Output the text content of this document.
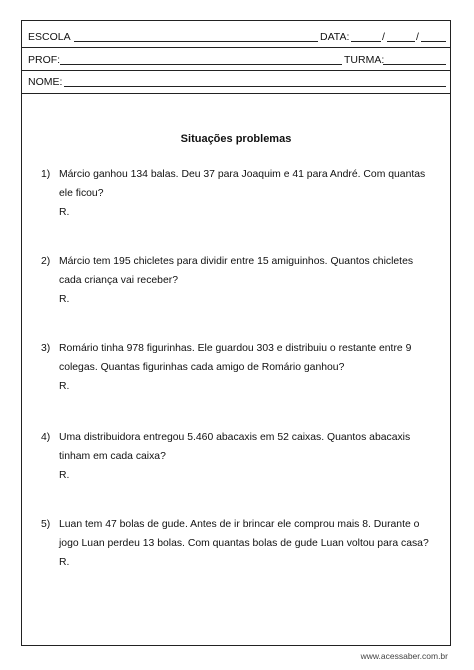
ESCOLA	DATA:	/	/
PROF:	TURMA:
NOME:
Situações problemas
1) Márcio ganhou 134 balas. Deu 37 para Joaquim e 41 para André. Com quantas
ele ficou?
R.
2) Márcio tem 195 chicletes para dividir entre 15 amiguinhos. Quantos chicletes
cada criança vai receber?
R.
3) Romário tinha 978 figurinhas. Ele guardou 303 e distribuiu o restante entre 9
colegas. Quantas figurinhas cada amigo de Romário ganhou?
R.
4) Uma distribuidora entregou 5.460 abacaxis em 52 caixas. Quantos abacaxis
tinham em cada caixa?
R.
5) Luan tem 47 bolas de gude. Antes de ir brincar ele comprou mais 8. Durante o
jogo Luan perdeu 13 bolas. Com quantas bolas de gude Luan voltou para casa?
R.
www.acessaber.com.br
